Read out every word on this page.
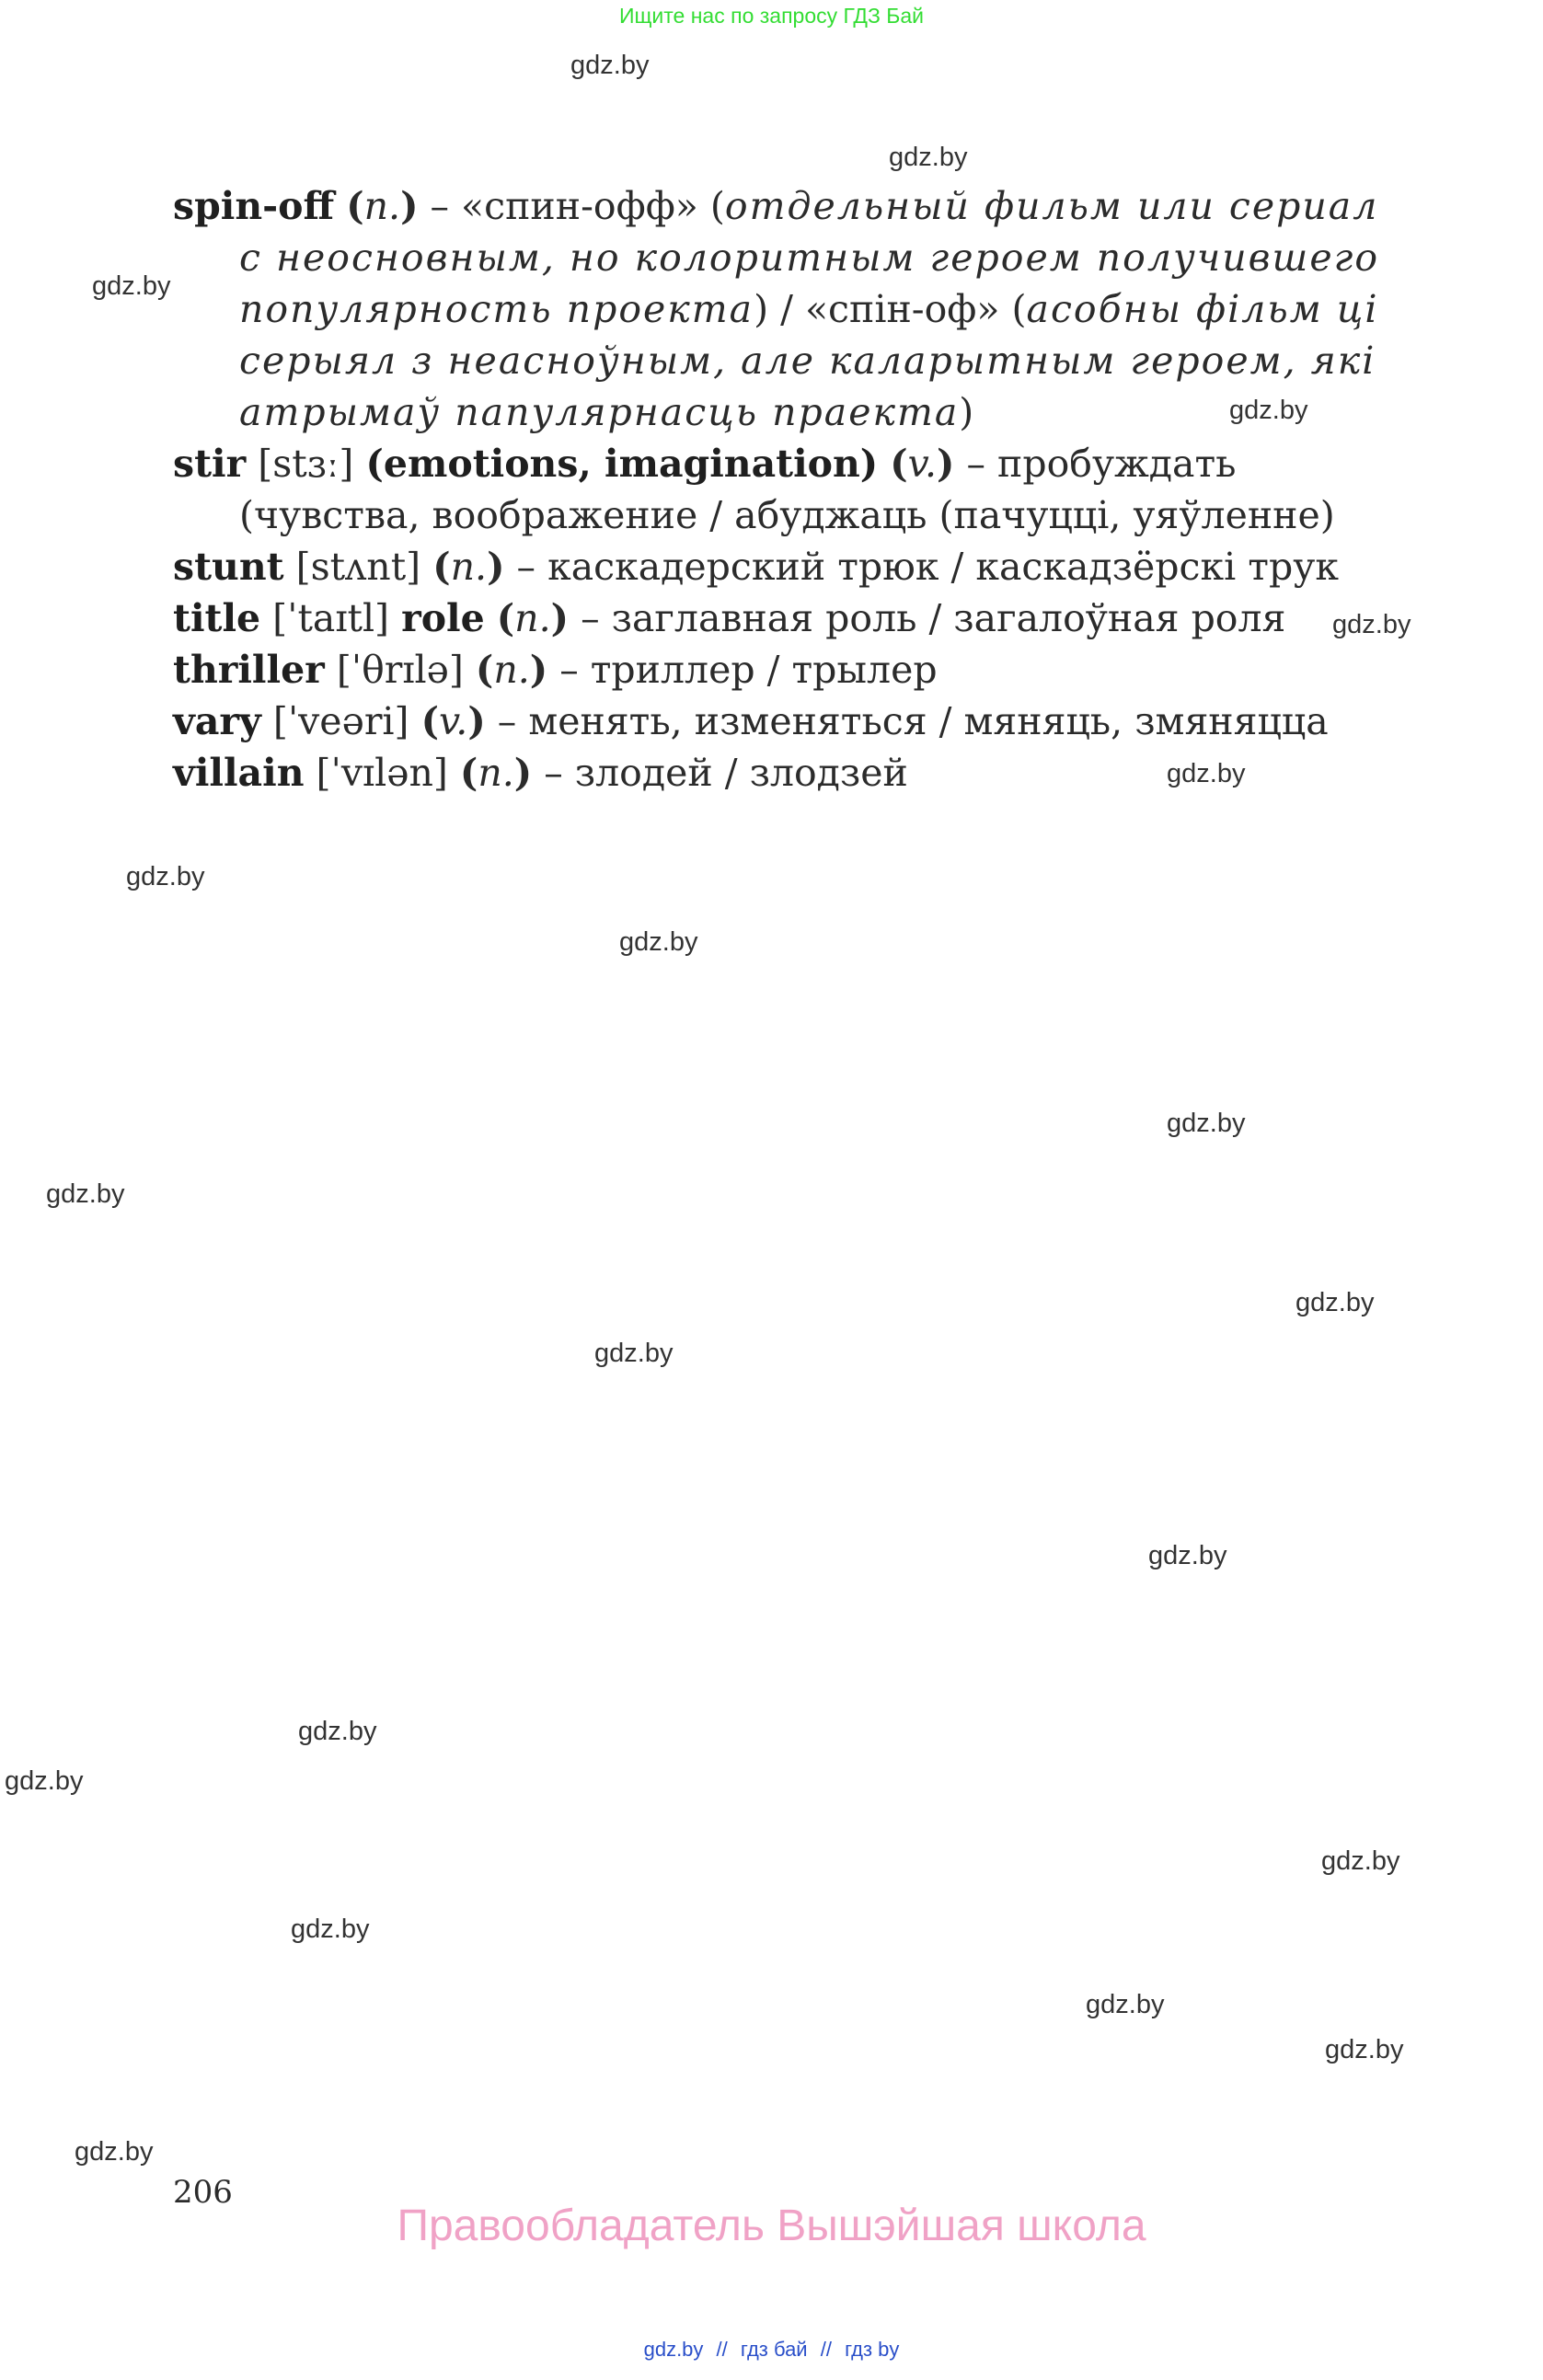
Ищите нас по запросу ГДЗ Бай
gdz.by
gdz.by
gdz.by
gdz.by
gdz.by
gdz.by
gdz.by
gdz.by
gdz.by
gdz.by
gdz.by
gdz.by
gdz.by
gdz.by
gdz.by
gdz.by
gdz.by
gdz.by
gdz.by
gdz.by
spin-off (n.) – «спин-офф» (отдельный фильм или сериал с неосновным, но колоритным героем получившего популярность проекта) / «спін-оф» (асобны фільм ці серыял з неасноўным, але каларытным героем, які атрымаў папулярнасць праекта)
stir [stɜː] (emotions, imagination) (v.) – пробуждать (чувства, воображение / абуджаць (пачуцці, уяўленне)
stunt [stʌnt] (n.) – каскадерский трюк / каскадзёрскі трук
title [ˈtaɪtl] role (n.) – заглавная роль / загалоўная роля
thriller [ˈθrɪlə] (n.) – триллер / трылер
vary [ˈveəri] (v.) – менять, изменяться / мяняць, змяняцца
villain [ˈvɪlən] (n.) – злодей / злодзей
206
Правообладатель Вышэйшая школа
gdz.by // гдз бай // гдз by
